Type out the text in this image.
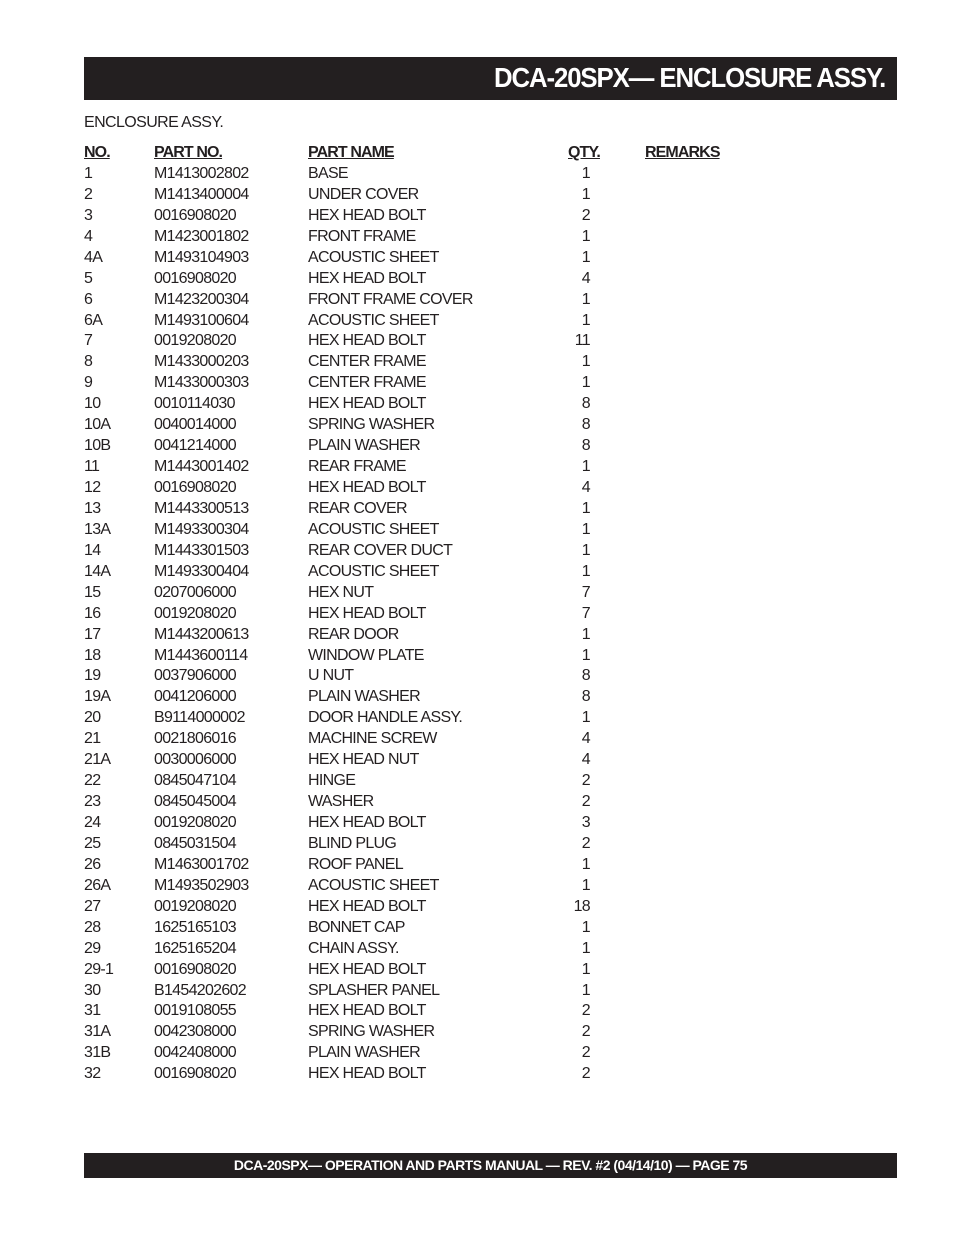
DCA-20SPX— ENCLOSURE ASSY.
ENCLOSURE ASSY.
NO.	PART NO.	PART NAME	QTY.	REMARKS
1	M1413002802	BASE	1
2	M1413400004	UNDER COVER	1
3	0016908020	HEX HEAD BOLT	2
4	M1423001802	FRONT FRAME	1
4A	M1493104903	ACOUSTIC SHEET	1
5	0016908020	HEX HEAD BOLT	4
6	M1423200304	FRONT FRAME COVER	1
6A	M1493100604	ACOUSTIC SHEET	1
7	0019208020	HEX HEAD BOLT	11
8	M1433000203	CENTER FRAME	1
9	M1433000303	CENTER FRAME	1
10	0010114030	HEX HEAD BOLT	8
10A	0040014000	SPRING WASHER	8
10B	0041214000	PLAIN WASHER	8
11	M1443001402	REAR FRAME	1
12	0016908020	HEX HEAD BOLT	4
13	M1443300513	REAR COVER	1
13A	M1493300304	ACOUSTIC SHEET	1
14	M1443301503	REAR COVER DUCT	1
14A	M1493300404	ACOUSTIC SHEET	1
15	0207006000	HEX NUT	7
16	0019208020	HEX HEAD BOLT	7
17	M1443200613	REAR DOOR	1
18	M1443600114	WINDOW PLATE	1
19	0037906000	U NUT	8
19A	0041206000	PLAIN WASHER	8
20	B9114000002	DOOR HANDLE ASSY.	1
21	0021806016	MACHINE SCREW	4
21A	0030006000	HEX HEAD NUT	4
22	0845047104	HINGE	2
23	0845045004	WASHER	2
24	0019208020	HEX HEAD BOLT	3
25	0845031504	BLIND PLUG	2
26	M1463001702	ROOF PANEL	1
26A	M1493502903	ACOUSTIC SHEET	1
27	0019208020	HEX HEAD BOLT	18
28	1625165103	BONNET CAP	1
29	1625165204	CHAIN ASSY.	1
29-1	0016908020	HEX HEAD BOLT	1
30	B1454202602	SPLASHER PANEL	1
31	0019108055	HEX HEAD BOLT	2
31A	0042308000	SPRING WASHER	2
31B	0042408000	PLAIN WASHER	2
32	0016908020	HEX HEAD BOLT	2
DCA-20SPX— OPERATION AND PARTS MANUAL — REV. #2 (04/14/10) — PAGE 75
